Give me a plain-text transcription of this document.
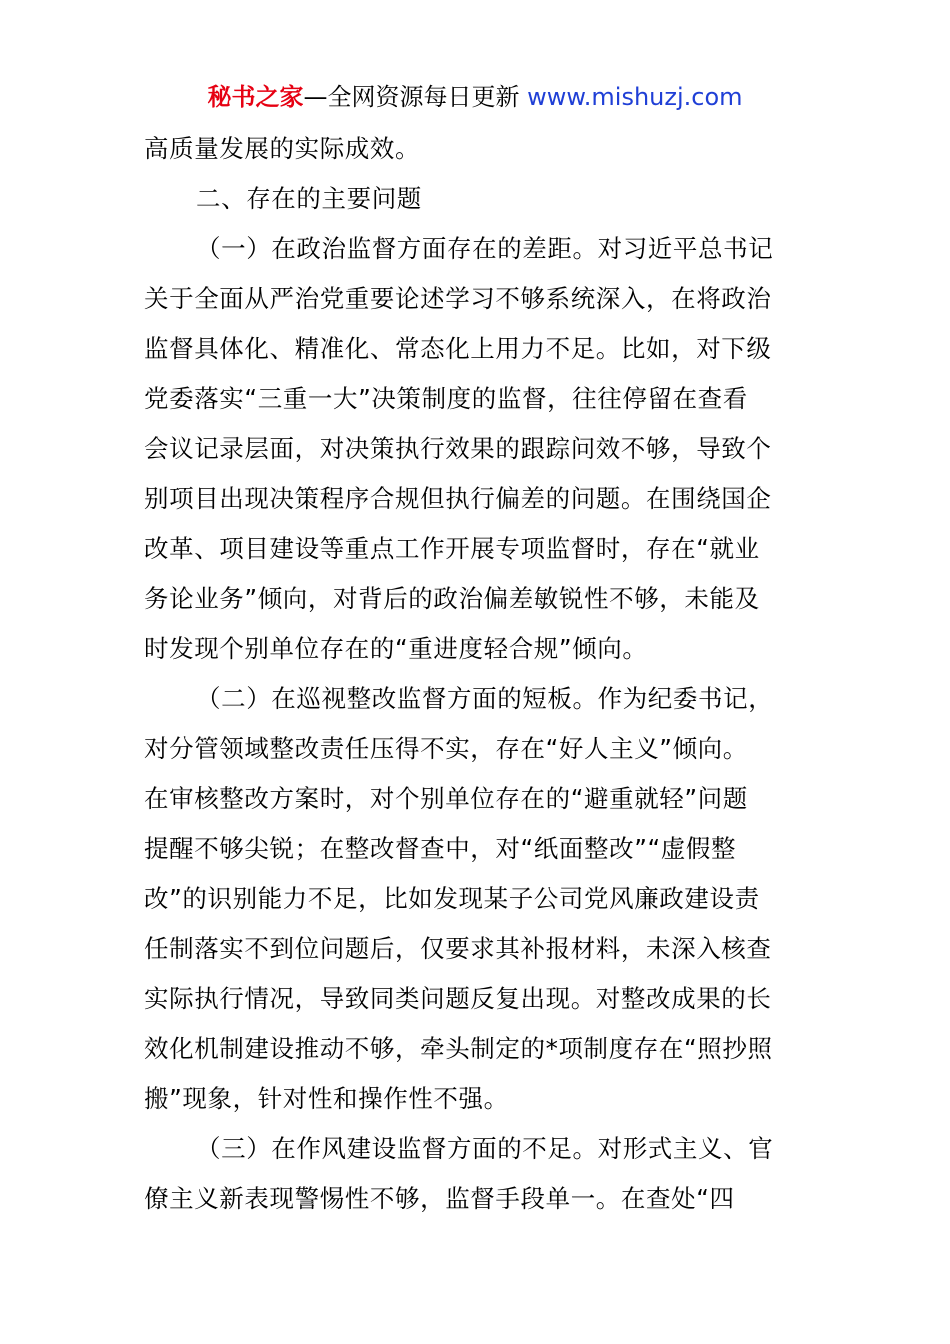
秘书之家—全网资源每日更新 www.mishuzj.com
高质量发展的实际成效。
二、存在的主要问题
（一）在政治监督方面存在的差距。对习近平总书记
关于全面从严治党重要论述学习不够系统深入，在将政治
监督具体化、精准化、常态化上用力不足。比如，对下级
党委落实“三重一大”决策制度的监督，往往停留在查看
会议记录层面，对决策执行效果的跟踪问效不够，导致个
别项目出现决策程序合规但执行偏差的问题。在围绕国企
改革、项目建设等重点工作开展专项监督时，存在“就业
务论业务”倾向，对背后的政治偏差敏锐性不够，未能及
时发现个别单位存在的“重进度轻合规”倾向。
（二）在巡视整改监督方面的短板。作为纪委书记，
对分管领域整改责任压得不实，存在“好人主义”倾向。
在审核整改方案时，对个别单位存在的“避重就轻”问题
提醒不够尖锐；在整改督查中，对“纸面整改”“虚假整
改”的识别能力不足，比如发现某子公司党风廉政建设责
任制落实不到位问题后，仅要求其补报材料，未深入核查
实际执行情况，导致同类问题反复出现。对整改成果的长
效化机制建设推动不够，牵头制定的*项制度存在“照抄照
搬”现象，针对性和操作性不强。
（三）在作风建设监督方面的不足。对形式主义、官
僚主义新表现警惕性不够，监督手段单一。在查处“四
